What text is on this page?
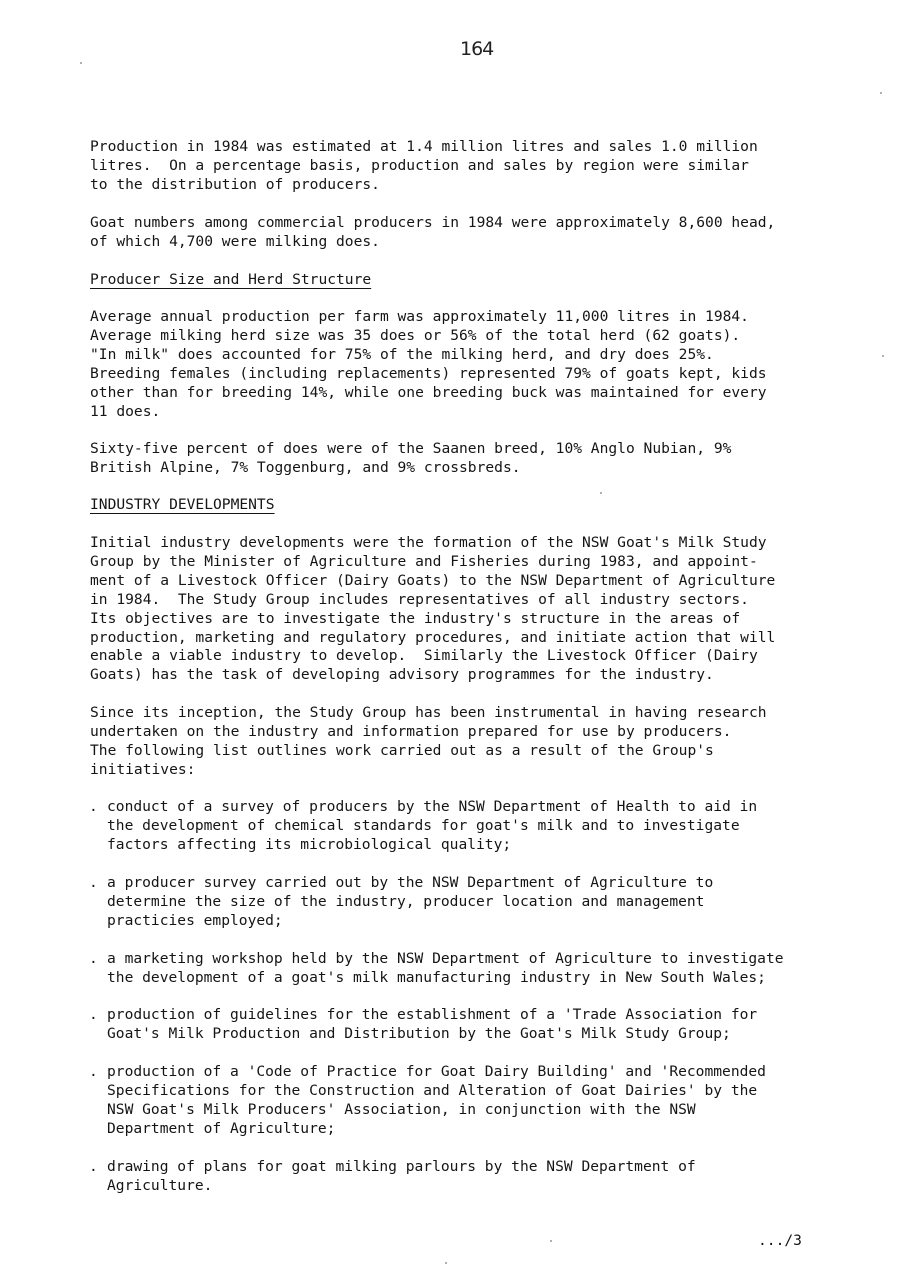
164
Production in 1984 was estimated at 1.4 million litres and sales 1.0 million
litres.  On a percentage basis, production and sales by region were similar
to the distribution of producers.
Goat numbers among commercial producers in 1984 were approximately 8,600 head,
of which 4,700 were milking does.
Producer Size and Herd Structure
Average annual production per farm was approximately 11,000 litres in 1984.
Average milking herd size was 35 does or 56% of the total herd (62 goats).
"In milk" does accounted for 75% of the milking herd, and dry does 25%.
Breeding females (including replacements) represented 79% of goats kept, kids
other than for breeding 14%, while one breeding buck was maintained for every
11 does.
Sixty-five percent of does were of the Saanen breed, 10% Anglo Nubian, 9%
British Alpine, 7% Toggenburg, and 9% crossbreds.
INDUSTRY DEVELOPMENTS
Initial industry developments were the formation of the NSW Goat's Milk Study
Group by the Minister of Agriculture and Fisheries during 1983, and appoint-
ment of a Livestock Officer (Dairy Goats) to the NSW Department of Agriculture
in 1984.  The Study Group includes representatives of all industry sectors.
Its objectives are to investigate the industry's structure in the areas of
production, marketing and regulatory procedures, and initiate action that will
enable a viable industry to develop.  Similarly the Livestock Officer (Dairy
Goats) has the task of developing advisory programmes for the industry.
Since its inception, the Study Group has been instrumental in having research
undertaken on the industry and information prepared for use by producers.
The following list outlines work carried out as a result of the Group's
initiatives:

.

conduct of a survey of producers by the NSW Department of Health to aid in
the development of chemical standards for goat's milk and to investigate
factors affecting its microbiological quality;

.

a producer survey carried out by the NSW Department of Agriculture to
determine the size of the industry, producer location and management
practicies employed;

.

a marketing workshop held by the NSW Department of Agriculture to investigate
the development of a goat's milk manufacturing industry in New South Wales;

.

production of guidelines for the establishment of a 'Trade Association for
Goat's Milk Production and Distribution by the Goat's Milk Study Group;

.

production of a 'Code of Practice for Goat Dairy Building' and 'Recommended
Specifications for the Construction and Alteration of Goat Dairies' by the
NSW Goat's Milk Producers' Association, in conjunction with the NSW
Department of Agriculture;

.

drawing of plans for goat milking parlours by the NSW Department of
Agriculture.

.../3
